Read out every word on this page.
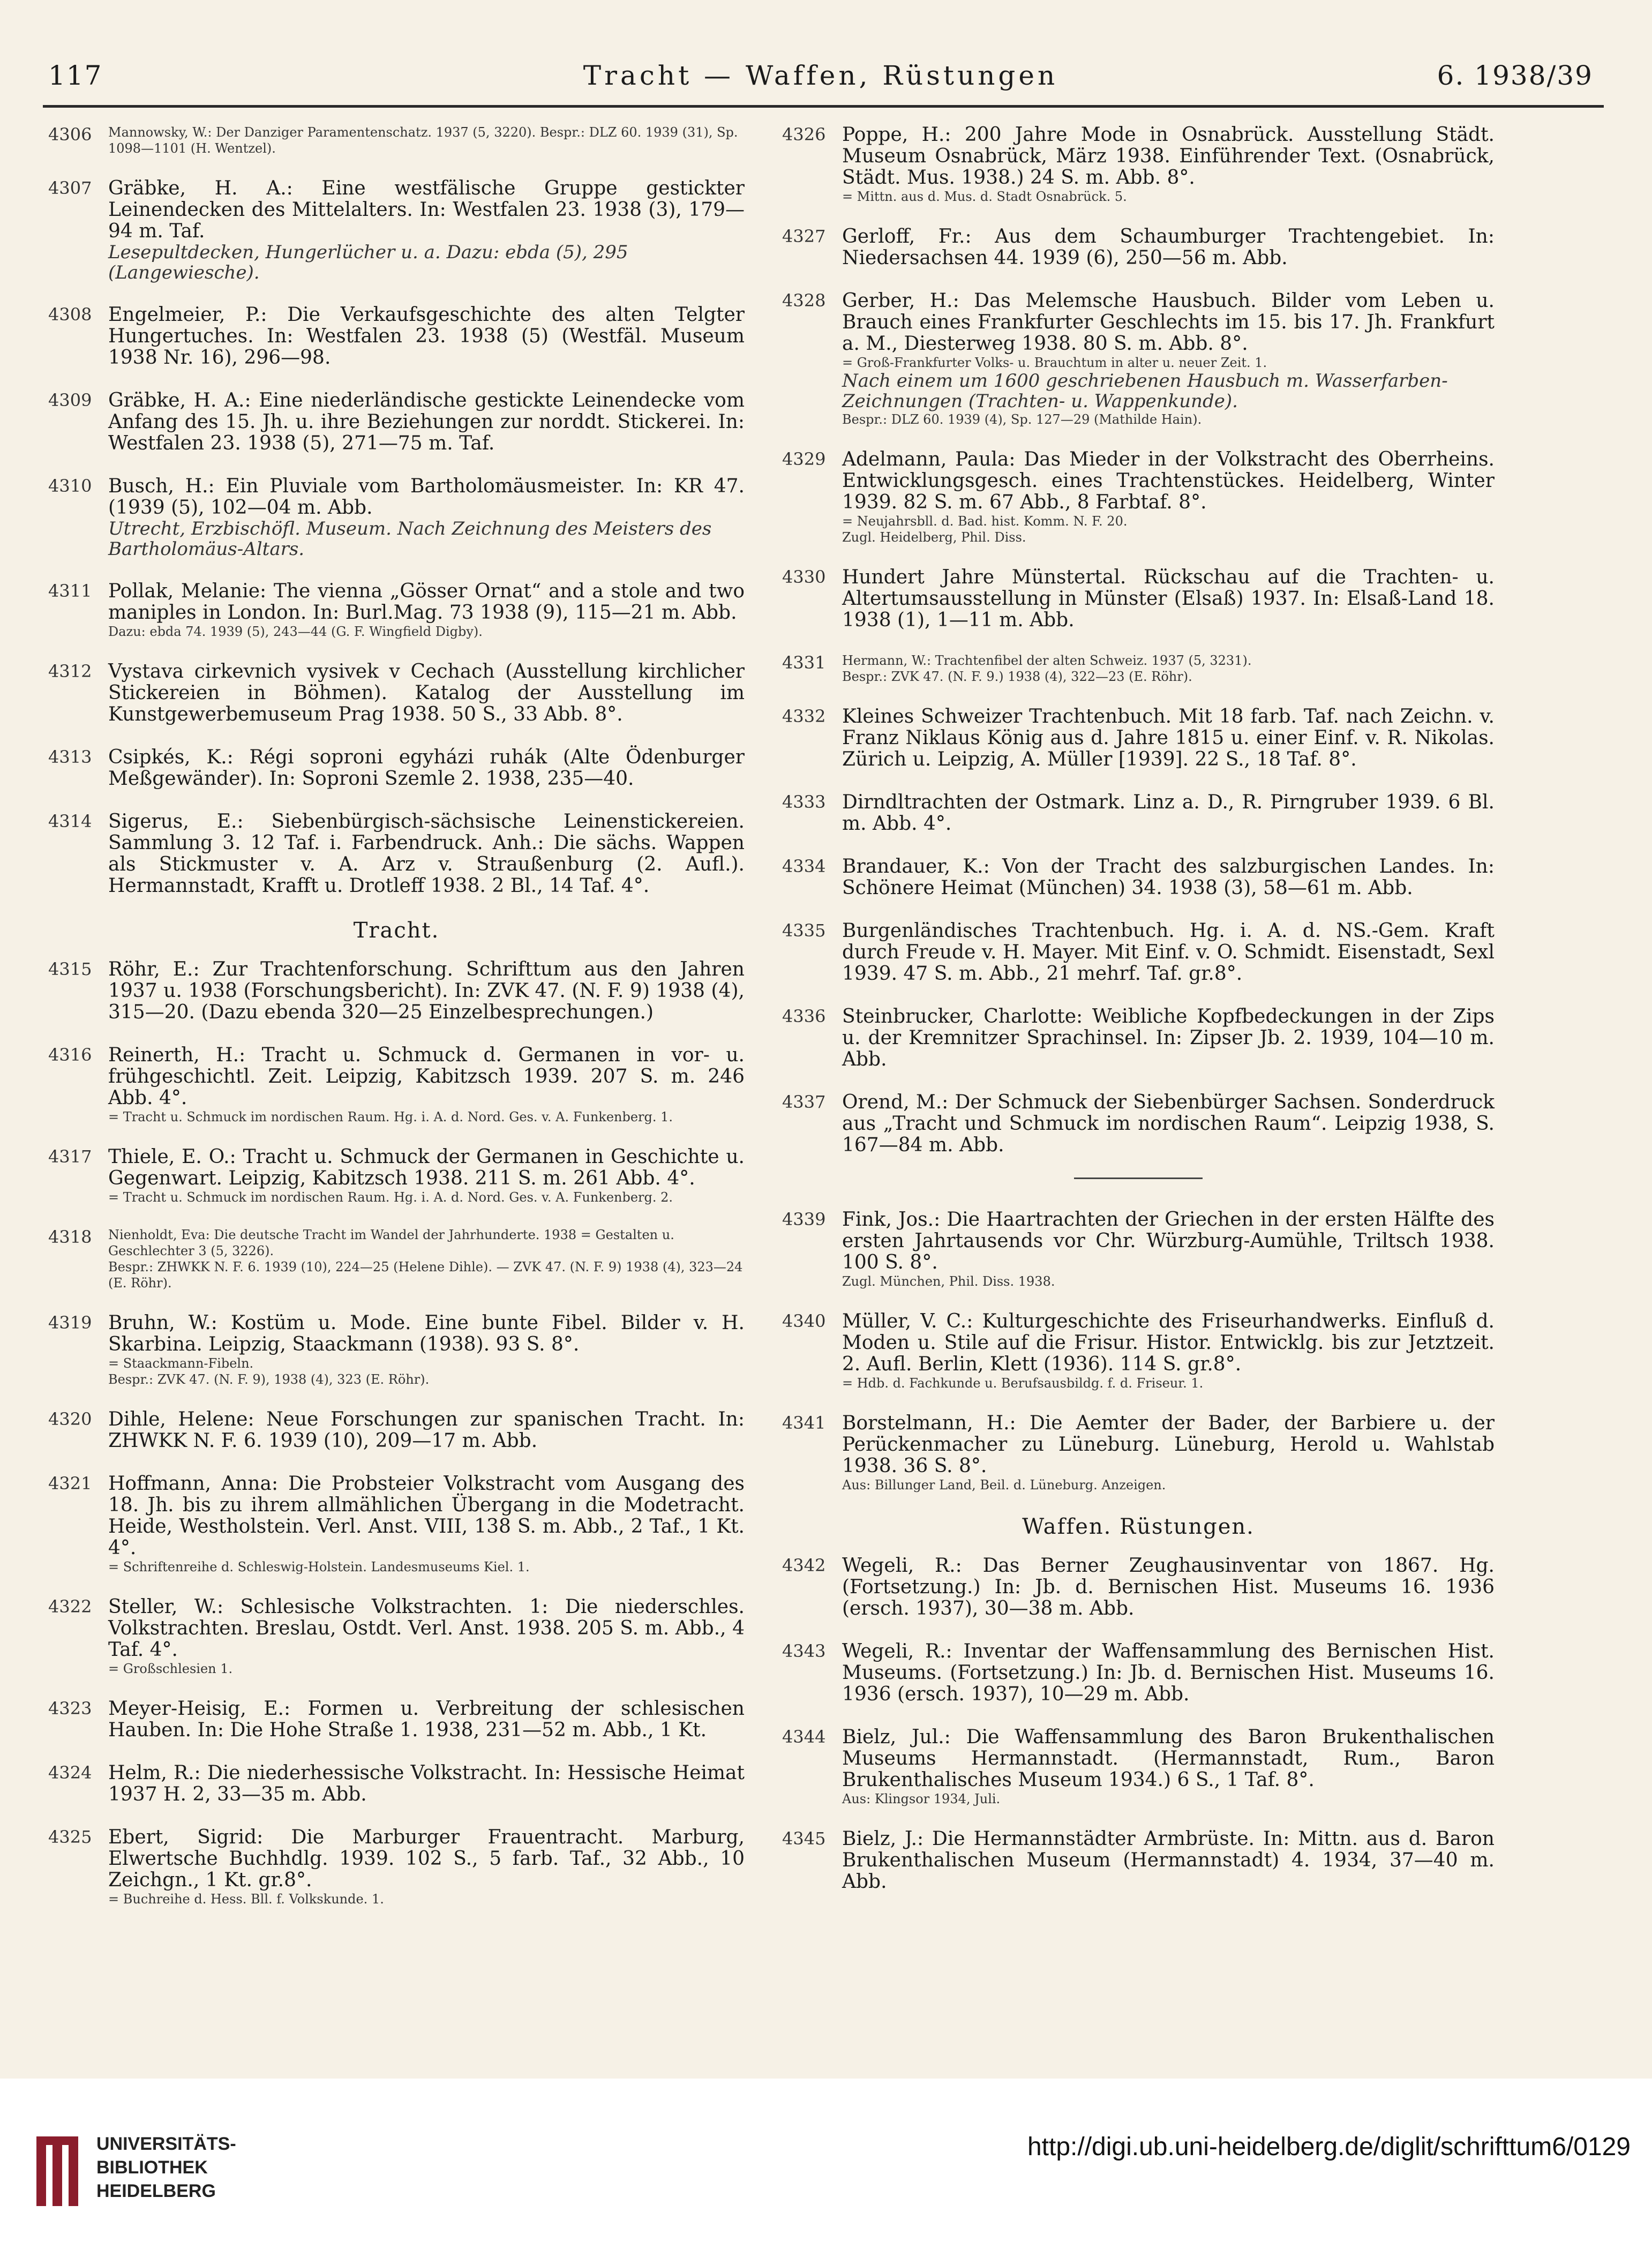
117	Tracht — Waffen, Rüstungen	6. 1938/39
4306 Mannowsky, W.: Der Danziger Paramentenschatz. 1937 (5, 3220). Bespr.: DLZ 60. 1939 (31), Sp. 1098—1101 (H. Wentzel).
4307 Gräbke, H. A.: Eine westfälische Gruppe gestickter Leinendecken des Mittelalters. In: Westfalen 23. 1938 (3), 179—94 m. Taf.
Lesepultdecken, Hungerlücher u. a. Dazu: ebda (5), 295 (Langewiesche).
4308 Engelmeier, P.: Die Verkaufsgeschichte des alten Telgter Hungertuches. In: Westfalen 23. 1938 (5) (Westfäl. Museum 1938 Nr. 16), 296—98.
4309 Gräbke, H. A.: Eine niederländische gestickte Leinendecke vom Anfang des 15. Jh. u. ihre Beziehungen zur norddt. Stickerei. In: Westfalen 23. 1938 (5), 271—75 m. Taf.
4310 Busch, H.: Ein Pluviale vom Bartholomäusmeister. In: KR 47. (1939 (5), 102—04 m. Abb.
Utrecht, Erzbischöfl. Museum. Nach Zeichnung des Meisters des Bartholomäus-Altars.
4311 Pollak, Melanie: The vienna „Gösser Ornat“ and a stole and two maniples in London. In: Burl.Mag. 73 1938 (9), 115—21 m. Abb.
Dazu: ebda 74. 1939 (5), 243—44 (G. F. Wingfield Digby).
4312 Vystava cirkevnich vysivek v Cechach (Ausstellung kirchlicher Stickereien in Böhmen). Katalog der Ausstellung im Kunstgewerbemuseum Prag 1938. 50 S., 33 Abb. 8°.
4313 Csipkés, K.: Régi soproni egyházi ruhák (Alte Ödenburger Meßgewänder). In: Soproni Szemle 2. 1938, 235—40.
4314 Sigerus, E.: Siebenbürgisch-sächsische Leinenstickereien. Sammlung 3. 12 Taf. i. Farbendruck. Anh.: Die sächs. Wappen als Stickmuster v. A. Arz v. Straußenburg (2. Aufl.). Hermannstadt, Krafft u. Drotleff 1938. 2 Bl., 14 Taf. 4°.
Tracht.
4315 Röhr, E.: Zur Trachtenforschung. Schrifttum aus den Jahren 1937 u. 1938 (Forschungsbericht). In: ZVK 47. (N. F. 9) 1938 (4), 315—20. (Dazu ebenda 320—25 Einzelbesprechungen.)
4316 Reinerth, H.: Tracht u. Schmuck d. Germanen in vor- u. frühgeschichtl. Zeit. Leipzig, Kabitzsch 1939. 207 S. m. 246 Abb. 4°.
= Tracht u. Schmuck im nordischen Raum. Hg. i. A. d. Nord. Ges. v. A. Funkenberg. 1.
4317 Thiele, E. O.: Tracht u. Schmuck der Germanen in Geschichte u. Gegenwart. Leipzig, Kabitzsch 1938. 211 S. m. 261 Abb. 4°.
= Tracht u. Schmuck im nordischen Raum. Hg. i. A. d. Nord. Ges. v. A. Funkenberg. 2.
4318 Nienholdt, Eva: Die deutsche Tracht im Wandel der Jahrhunderte. 1938 = Gestalten u. Geschlechter 3 (5, 3226).
Bespr.: ZHWKK N. F. 6. 1939 (10), 224—25 (Helene Dihle). — ZVK 47. (N. F. 9) 1938 (4), 323—24 (E. Röhr).
4319 Bruhn, W.: Kostüm u. Mode. Eine bunte Fibel. Bilder v. H. Skarbina. Leipzig, Staackmann (1938). 93 S. 8°.
= Staackmann-Fibeln.
Bespr.: ZVK 47. (N. F. 9), 1938 (4), 323 (E. Röhr).
4320 Dihle, Helene: Neue Forschungen zur spanischen Tracht. In: ZHWKK N. F. 6. 1939 (10), 209—17 m. Abb.
4321 Hoffmann, Anna: Die Probsteier Volkstracht vom Ausgang des 18. Jh. bis zu ihrem allmählichen Übergang in die Modetracht. Heide, Westholstein. Verl. Anst. VIII, 138 S. m. Abb., 2 Taf., 1 Kt. 4°.
= Schriftenreihe d. Schleswig-Holstein. Landesmuseums Kiel. 1.
4322 Steller, W.: Schlesische Volkstrachten. 1: Die niederschles. Volkstrachten. Breslau, Ostdt. Verl. Anst. 1938. 205 S. m. Abb., 4 Taf. 4°.
= Großschlesien 1.
4323 Meyer-Heisig, E.: Formen u. Verbreitung der schlesischen Hauben. In: Die Hohe Straße 1. 1938, 231—52 m. Abb., 1 Kt.
4324 Helm, R.: Die niederhessische Volkstracht. In: Hessische Heimat 1937 H. 2, 33—35 m. Abb.
4325 Ebert, Sigrid: Die Marburger Frauentracht. Marburg, Elwertsche Buchhdlg. 1939. 102 S., 5 farb. Taf., 32 Abb., 10 Zeichgn., 1 Kt. gr.8°.
= Buchreihe d. Hess. Bll. f. Volkskunde. 1.
4326 Poppe, H.: 200 Jahre Mode in Osnabrück. Ausstellung Städt. Museum Osnabrück, März 1938. Einführender Text. (Osnabrück, Städt. Mus. 1938.) 24 S. m. Abb. 8°.
= Mittn. aus d. Mus. d. Stadt Osnabrück. 5.
4327 Gerloff, Fr.: Aus dem Schaumburger Trachtengebiet. In: Niedersachsen 44. 1939 (6), 250—56 m. Abb.
4328 Gerber, H.: Das Melemsche Hausbuch. Bilder vom Leben u. Brauch eines Frankfurter Geschlechts im 15. bis 17. Jh. Frankfurt a. M., Diesterweg 1938. 80 S. m. Abb. 8°.
= Groß-Frankfurter Volks- u. Brauchtum in alter u. neuer Zeit. 1.
Nach einem um 1600 geschriebenen Hausbuch m. Wasserfarben-Zeichnungen (Trachten- u. Wappenkunde).
Bespr.: DLZ 60. 1939 (4), Sp. 127—29 (Mathilde Hain).
4329 Adelmann, Paula: Das Mieder in der Volkstracht des Oberrheins. Entwicklungsgesch. eines Trachtenstückes. Heidelberg, Winter 1939. 82 S. m. 67 Abb., 8 Farbtaf. 8°.
= Neujahrsbll. d. Bad. hist. Komm. N. F. 20.
Zugl. Heidelberg, Phil. Diss.
4330 Hundert Jahre Münstertal. Rückschau auf die Trachten- u. Altertumsausstellung in Münster (Elsaß) 1937. In: Elsaß-Land 18. 1938 (1), 1—11 m. Abb.
4331 Hermann, W.: Trachtenfibel der alten Schweiz. 1937 (5, 3231).
Bespr.: ZVK 47. (N. F. 9.) 1938 (4), 322—23 (E. Röhr).
4332 Kleines Schweizer Trachtenbuch. Mit 18 farb. Taf. nach Zeichn. v. Franz Niklaus König aus d. Jahre 1815 u. einer Einf. v. R. Nikolas. Zürich u. Leipzig, A. Müller [1939]. 22 S., 18 Taf. 8°.
4333 Dirndltrachten der Ostmark. Linz a. D., R. Pirngruber 1939. 6 Bl. m. Abb. 4°.
4334 Brandauer, K.: Von der Tracht des salzburgischen Landes. In: Schönere Heimat (München) 34. 1938 (3), 58—61 m. Abb.
4335 Burgenländisches Trachtenbuch. Hg. i. A. d. NS.-Gem. Kraft durch Freude v. H. Mayer. Mit Einf. v. O. Schmidt. Eisenstadt, Sexl 1939. 47 S. m. Abb., 21 mehrf. Taf. gr.8°.
4336 Steinbrucker, Charlotte: Weibliche Kopfbedeckungen in der Zips u. der Kremnitzer Sprachinsel. In: Zipser Jb. 2. 1939, 104—10 m. Abb.
4337 Orend, M.: Der Schmuck der Siebenbürger Sachsen. Sonderdruck aus „Tracht und Schmuck im nordischen Raum“. Leipzig 1938, S. 167—84 m. Abb.
4339 Fink, Jos.: Die Haartrachten der Griechen in der ersten Hälfte des ersten Jahrtausends vor Chr. Würzburg-Aumühle, Triltsch 1938. 100 S. 8°.
Zugl. München, Phil. Diss. 1938.
4340 Müller, V. C.: Kulturgeschichte des Friseurhandwerks. Einfluß d. Moden u. Stile auf die Frisur. Histor. Entwicklg. bis zur Jetztzeit. 2. Aufl. Berlin, Klett (1936). 114 S. gr.8°.
= Hdb. d. Fachkunde u. Berufsausbildg. f. d. Friseur. 1.
4341 Borstelmann, H.: Die Aemter der Bader, der Barbiere u. der Perückenmacher zu Lüneburg. Lüneburg, Herold u. Wahlstab 1938. 36 S. 8°.
Aus: Billunger Land, Beil. d. Lüneburg. Anzeigen.
Waffen. Rüstungen.
4342 Wegeli, R.: Das Berner Zeughausinventar von 1867. Hg. (Fortsetzung.) In: Jb. d. Bernischen Hist. Museums 16. 1936 (ersch. 1937), 30—38 m. Abb.
4343 Wegeli, R.: Inventar der Waffensammlung des Bernischen Hist. Museums. (Fortsetzung.) In: Jb. d. Bernischen Hist. Museums 16. 1936 (ersch. 1937), 10—29 m. Abb.
4344 Bielz, Jul.: Die Waffensammlung des Baron Brukenthalischen Museums Hermannstadt. (Hermannstadt, Rum., Baron Brukenthalisches Museum 1934.) 6 S., 1 Taf. 8°.
Aus: Klingsor 1934, Juli.
4345 Bielz, J.: Die Hermannstädter Armbrüste. In: Mittn. aus d. Baron Brukenthalischen Museum (Hermannstadt) 4. 1934, 37—40 m. Abb.
UNIVERSITÄTS-
BIBLIOTHEK
HEIDELBERG
http://digi.ub.uni-heidelberg.de/diglit/schrifttum6/0129
